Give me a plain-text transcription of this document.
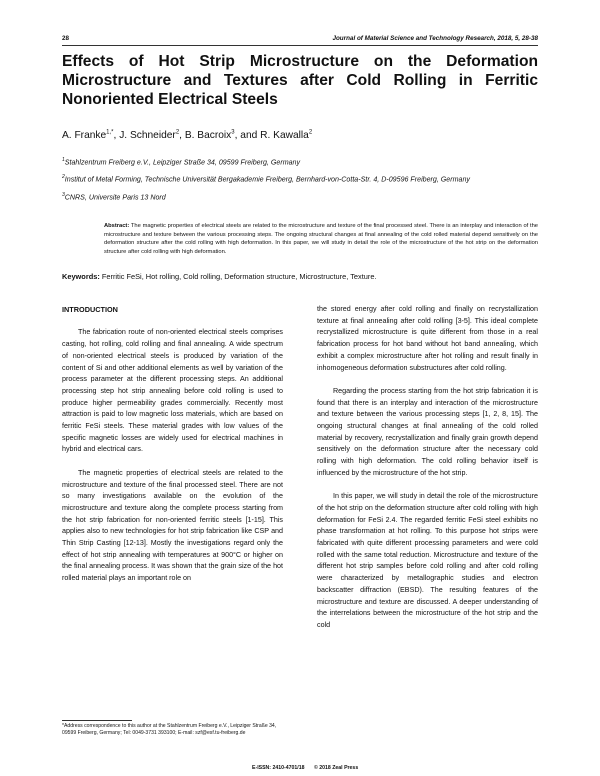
28	Journal of Material Science and Technology Research, 2018, 5, 28-38
Effects of Hot Strip Microstructure on the Deformation Microstructure and Textures after Cold Rolling in Ferritic Nonoriented Electrical Steels
A. Franke$^{1,*}$, J. Schneider$^2$, B. Bacroix$^3$, and R. Kawalla$^2$

$^1$Stahlzentrum Freiberg e.V., Leipziger Straße 34, 09599 Freiberg, Germany

$^2$Institut of Metal Forming, Technische Universität Bergakademie Freiberg, Bernhard-von-Cotta-Str. 4, D-09596 Freiberg, Germany

$^3$CNRS, Universite Paris 13 Nord

Abstract: The magnetic properties of electrical steels are related to the microstructure and texture of the final processed steel. There is an interplay and interaction of the microstructure and texture between the various processing steps. The ongoing structural changes at final annealing of the cold rolled material depend sensitively on the deformation structure after the cold rolling with high deformation. In this paper, we will study in detail the role of the microstructure of the hot strip on the deformation structure after cold rolling with high deformation.
Keywords: Ferritic FeSi, Hot rolling, Cold rolling, Deformation structure, Microstructure, Texture.
INTRODUCTION

The fabrication route of non-oriented electrical steels comprises casting, hot rolling, cold rolling and final annealing. A wide spectrum of non-oriented electrical steels is produced by variation of the content of Si and other additional elements as well by variation of the process parameter at the different processing steps. An additional processing step hot strip annealing before cold rolling is used to produce higher permeability grades commercially. Recently most attraction is paid to low magnetic loss materials, which are based on ferritic FeSi steels. These material grades with low values of the specific magnetic losses are widely used for electrical machines in hybrid and electrical cars.

The magnetic properties of electrical steels are related to the microstructure and texture of the final processed steel. There are not so many investigations available on the evolution of the microstructure and texture along the complete process starting from the hot strip fabrication for non-oriented ferritic steels [1-15]. This applies also to new technologies for hot strip fabrication like CSP and Thin Strip Casting [12-13]. Mostly the investigations regard only the effect of hot strip annealing with temperatures at 900°C or higher on the final annealing process. It was shown that the grain size of the hot rolled material plays an important role on

the stored energy after cold rolling and finally on recrystallization texture at final annealing after cold rolling [3-5]. This ideal complete recrystallized microstructure is quite different from those in a real fabrication process for hot band without hot band annealing, which exhibit a complex microstructure after hot rolling and result finally in inhomogeneous deformation substructures after cold rolling.

Regarding the process starting from the hot strip fabrication it is found that there is an interplay and interaction of the microstructure and texture between the various processing steps [1, 2, 8, 15]. The ongoing structural changes at final annealing of the cold rolled material by recovery, recrystallization and finally grain growth depend sensitively on the deformation structure after the necessary cold rolling with high deformation. The cold rolling behavior itself is influenced by the microstructure of the hot strip.

In this paper, we will study in detail the role of the microstructure of the hot strip on the deformation structure after cold rolling with high deformation for FeSi 2.4. The regarded ferritic FeSi steel exhibits no phase transformation at hot rolling. To this purpose hot strips were fabricated with quite different processing parameters and were cold rolled with the same total reduction. Microstructure and texture of the different hot strip samples before cold rolling and after cold rolling were characterized by metallographic studies and electron backscatter diffraction (EBSD). The resulting features of the microstructure and texture are discussed. A deeper understanding of the interrelations between the microstructure of the hot strip and the cold

*Address correspondence to this author at the Stahlzentrum Freiberg e.V., Leipziger Straße 34, 09599 Freiberg, Germany; Tel: 0049-3731 393100; E-mail: szf@esf.tu-freiberg.de
E-ISSN: 2410-4701/18 © 2018 Zeal Press
